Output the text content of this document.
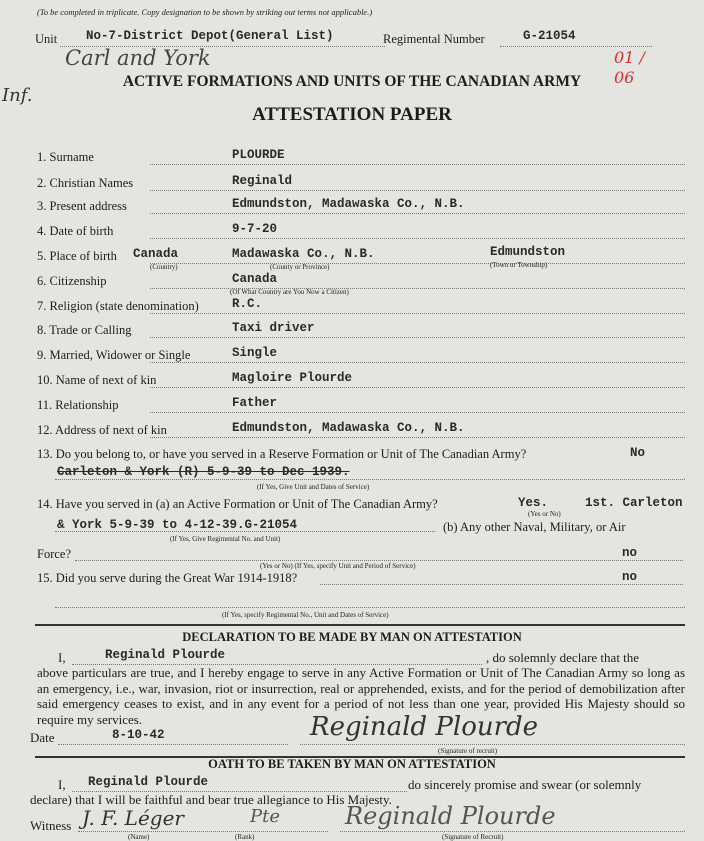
(To be completed in triplicate. Copy designation to be shown by striking out terms not applicable.)
Unit No-7-District Depot(General List)	Regimental Number	G-21054
Carl and York
Inf.
01 / 06
ACTIVE FORMATIONS AND UNITS OF THE CANADIAN ARMY
ATTESTATION PAPER
13. Do you belong to, or have you served in a Reserve Formation or Unit of The Canadian Army?	No
Carleton & York (R) 5-9-39 to Dec 1939.
(If Yes, Give Unit and Dates of Service)
14. Have you served in (a) an Active Formation or Unit of The Canadian Army?	Yes.	1st. Carleton
(Yes or No)
& York 5-9-39 to 4-12-39.G-21054
(If Yes, Give Regimental No. and Unit)
(b) Any other Naval, Military, or Air
Force?	no
(Yes or No) (If Yes, specify Unit and Period of Service)
15. Did you serve during the Great War 1914-1918?	no
(If Yes, specify Regimental No., Unit and Dates of Service)
DECLARATION TO BE MADE BY MAN ON ATTESTATION
I,	Reginald Plourde	, do solemnly declare that the

above particulars are true, and I hereby engage to serve in any Active Formation or Unit of The Canadian Army so long as an emergency, i.e., war, invasion, riot or insurrection, real or apprehended, exists, and for the period of demobilization after said emergency ceases to exist, and in any event for a period of not less than one year, provided His Majesty should so require my services.

Date	8-10-42	Reginald Plourde
(Signature of recruit)
OATH TO BE TAKEN BY MAN ON ATTESTATION
I, Reginald Plourde	do sincerely promise and swear (or solemnly
declare) that I will be faithful and bear true allegiance to His Majesty.
Witness J. F. Léger	Pte
(Name)	(Rank)
Reginald Plourde
(Signature of Recruit)
1. Surname	PLOURDE
2. Christian Names	Reginald
3. Present address	Edmundston, Madawaska Co., N.B.
4. Date of birth	9-7-20
5. Place of birth Canada	Madawaska Co., N.B.	Edmundston
(Country)	(County or Province)	(Town or Township)
6. Citizenship	Canada
(Of What Country are You Now a Citizen)
7. Religion (state denomination)	R.C.
8. Trade or Calling	Taxi driver
9. Married, Widower or Single	Single
10. Name of next of kin	Magloire Plourde
11. Relationship	Father
12. Address of next of kin	Edmundston, Madawaska Co., N.B.
